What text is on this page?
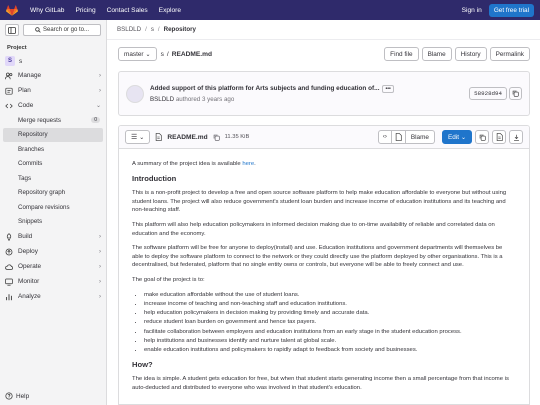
Why GitLab Pricing Contact Sales Explore	Sign in	Get free trial
Search or go to...
Project
S	s
Manage	›
Plan	›
Code	⌄
Merge requests	0
Repository
Branches
Commits
Tags
Repository graph
Compare revisions
Snippets
Build	›
Deploy	›
Operate	›
Monitor	›
Analyze	›
Help
BSLDLD / s / Repository
master ⌄ s / README.md	Find file	Blame	History	Permalink
Added support of this platform for Arts subjects and funding education of...	•••
BSLDLD authored 3 years ago
58928d94
☰ ⌄	README.md	11.35 KiB	‹›	Blame	Edit ⌄

A summary of the project idea is available here.

Introduction

This is a non-profit project to develop a free and open source software platform to help make education affordable to everyone but without using student loans. The project will also reduce government's student loan burden and increase income of education institutions and its teaching and non-teaching staff.

This platform will also help education policymakers in informed decision making due to on-time availability of reliable and correlated data on education and the economy.

The software platform will be free for anyone to deploy(install) and use. Education institutions and government departments will themselves be able to deploy the software platform to connect to the network or they could directly use the platform deployed by other organisations. This is a decentralised, but federated, platform that no single entity owns or controls, but everyone will be able to freely connect and use.

The goal of the project is to:

• make education affordable without the use of student loans.
• increase income of teaching and non-teaching staff and education institutions.
• help education policymakers in decision making by providing timely and accurate data.
• reduce student loan burden on government and hence tax payers.
• facilitate collaboration between employers and education institutions from an early stage in the student education process.
• help institutions and businesses identify and nurture talent at global scale.
• enable education institutions and policymakers to rapidly adapt to feedback from society and businesses.
How?

The idea is simple. A student gets education for free, but when that student starts generating income then a small percentage from that income is auto-deducted and distributed to everyone who was involved in that student's education.
